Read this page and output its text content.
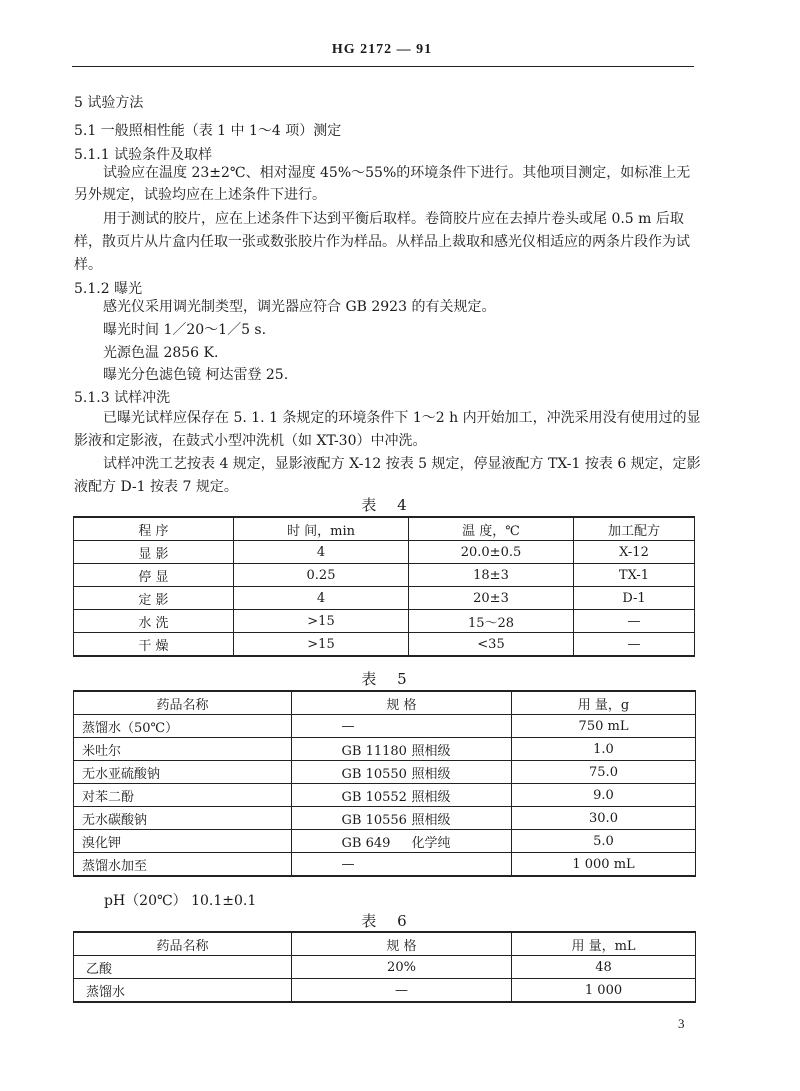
HG 2172 — 91
5 试验方法
5.1 一般照相性能（表 1 中 1～4 项）测定
5.1.1 试验条件及取样
试验应在温度 23±2℃、相对湿度 45%～55%的环境条件下进行。其他项目测定，如标准上无
另外规定，试验均应在上述条件下进行。
用于测试的胶片，应在上述条件下达到平衡后取样。卷筒胶片应在去掉片卷头或尾 0.5 m 后取
样，散页片从片盒内任取一张或数张胶片作为样品。从样品上裁取和感光仪相适应的两条片段作为试
样。
5.1.2 曝光
感光仪采用调光制类型，调光器应符合 GB 2923 的有关规定。
曝光时间 1／20～1／5 s.
光源色温 2856 K.
曝光分色滤色镜 柯达雷登 25.
5.1.3 试样冲洗
已曝光试样应保存在 5. 1. 1 条规定的环境条件下 1～2 h 内开始加工，冲洗采用没有使用过的显
影液和定影液，在鼓式小型冲洗机（如 XT-30）中冲洗。
试样冲洗工艺按表 4 规定，显影液配方 X-12 按表 5 规定，停显液配方 TX-1 按表 6 规定，定影
液配方 D-1 按表 7 规定。
表 4
程 序	时 间，min	温 度，℃	加工配方
显 影	4	20.0±0.5	X-12
停 显	0.25	18±3	TX-1
定 影	4	20±3	D-1
水 洗	>15	15～28	—
干 燥	>15	<35	—
表 5
药品名称	规 格	用 量，g
蒸馏水（50℃）	—	750 mL
米吐尔	GB 11180 照相级	1.0
无水亚硫酸钠	GB 10550 照相级	75.0
对苯二酚	GB 10552 照相级	9.0
无水碳酸钠	GB 10556 照相级	30.0
溴化钾	GB 649 化学纯	5.0
蒸馏水加至	—	1 000 mL
pH（20℃） 10.1±0.1
表 6
药品名称	规 格	用 量，mL
乙酸	20%	48
蒸馏水	—	1 000
3
